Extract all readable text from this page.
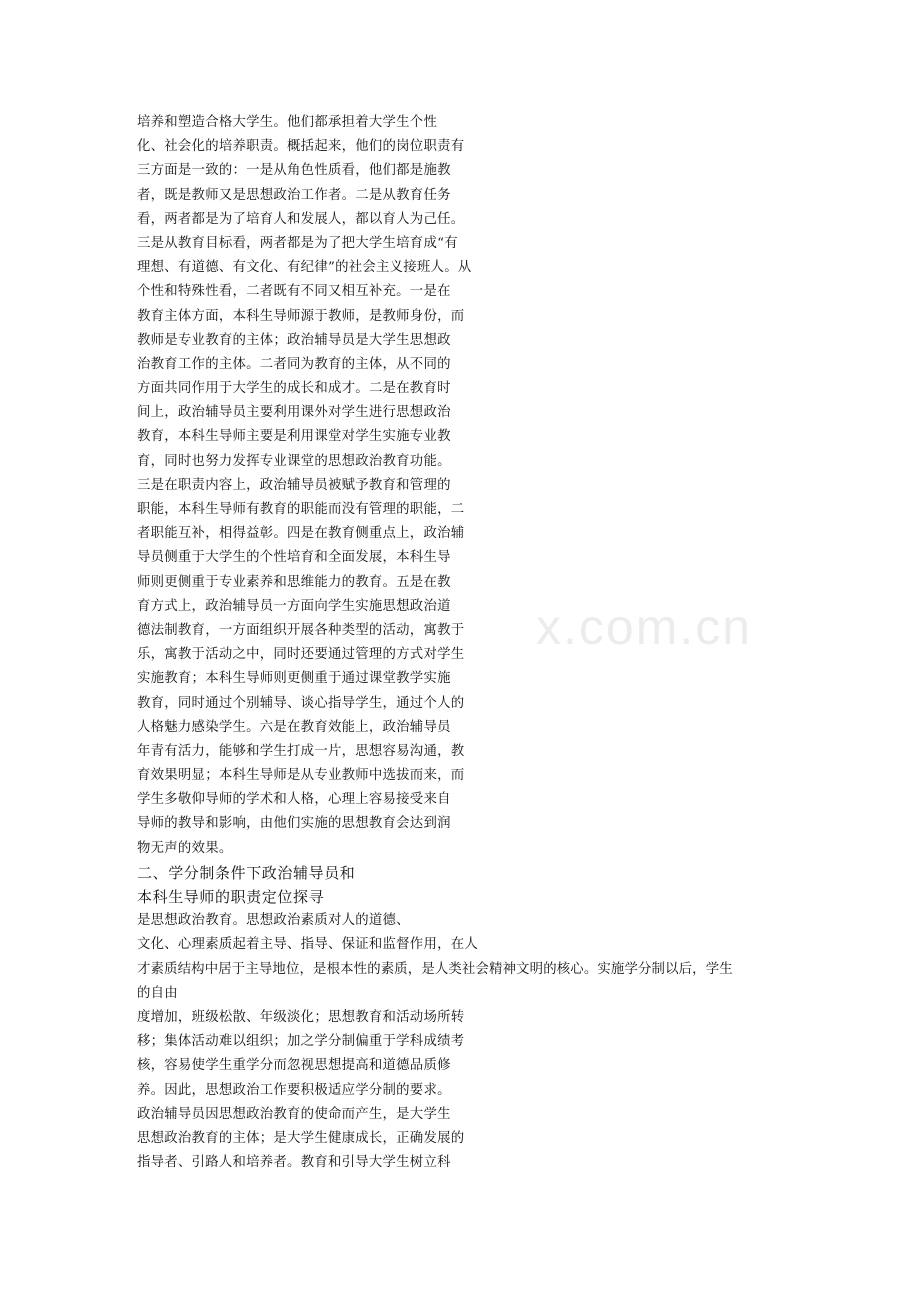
x.com.cn
培养和塑造合格大学生。他们都承担着大学生个性
化、社会化的培养职责。概括起来，他们的岗位职责有
三方面是一致的：一是从角色性质看，他们都是施教
者，既是教师又是思想政治工作者。二是从教育任务
看，两者都是为了培育人和发展人，都以育人为己任。
三是从教育目标看，两者都是为了把大学生培育成“有
理想、有道德、有文化、有纪律”的社会主义接班人。从
个性和特殊性看，二者既有不同又相互补充。一是在
教育主体方面，本科生导师源于教师，是教师身份，而
教师是专业教育的主体；政治辅导员是大学生思想政
治教育工作的主体。二者同为教育的主体，从不同的
方面共同作用于大学生的成长和成才。二是在教育时
间上，政治辅导员主要利用课外对学生进行思想政治
教育，本科生导师主要是利用课堂对学生实施专业教
育，同时也努力发挥专业课堂的思想政治教育功能。
三是在职责内容上，政治辅导员被赋予教育和管理的
职能，本科生导师有教育的职能而没有管理的职能，二
者职能互补，相得益彰。四是在教育侧重点上，政治辅
导员侧重于大学生的个性培育和全面发展，本科生导
师则更侧重于专业素养和思维能力的教育。五是在教
育方式上，政治辅导员一方面向学生实施思想政治道
德法制教育，一方面组织开展各种类型的活动，寓教于
乐，寓教于活动之中，同时还要通过管理的方式对学生
实施教育；本科生导师则更侧重于通过课堂教学实施
教育，同时通过个别辅导、谈心指导学生，通过个人的
人格魅力感染学生。六是在教育效能上，政治辅导员
年青有活力，能够和学生打成一片，思想容易沟通，教
育效果明显；本科生导师是从专业教师中选拔而来，而
学生多敬仰导师的学术和人格，心理上容易接受来自
导师的教导和影响，由他们实施的思想教育会达到润
物无声的效果。
二、学分制条件下政治辅导员和
本科生导师的职责定位探寻
是思想政治教育。思想政治素质对人的道德、
文化、心理素质起着主导、指导、保证和监督作用，在人
才素质结构中居于主导地位，是根本性的素质，是人类社会精神文明的核心。实施学分制以后，学生
的自由
度增加，班级松散、年级淡化；思想教育和活动场所转
移；集体活动难以组织；加之学分制偏重于学科成绩考
核，容易使学生重学分而忽视思想提高和道德品质修
养。因此，思想政治工作要积极适应学分制的要求。
政治辅导员因思想政治教育的使命而产生，是大学生
思想政治教育的主体；是大学生健康成长，正确发展的
指导者、引路人和培养者。教育和引导大学生树立科
